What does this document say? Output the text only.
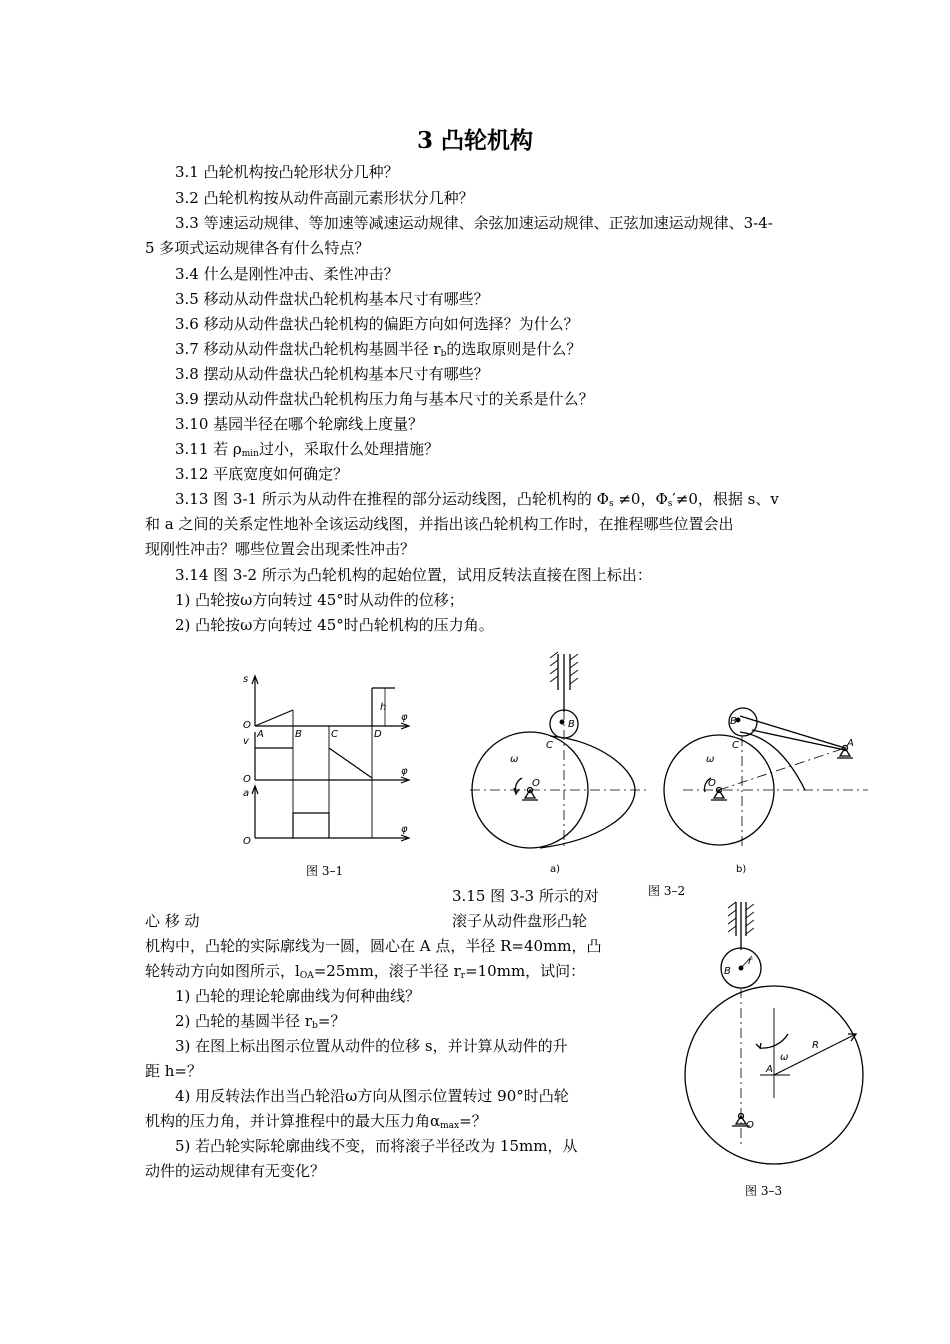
3 凸轮机构
3.1 凸轮机构按凸轮形状分几种？
3.2 凸轮机构按从动件高副元素形状分几种？
3.3 等速运动规律、等加速等减速运动规律、余弦加速运动规律、正弦加速运动规律、3-4-
5 多项式运动规律各有什么特点？
3.4 什么是刚性冲击、柔性冲击？
3.5 移动从动件盘状凸轮机构基本尺寸有哪些？
3.6 移动从动件盘状凸轮机构的偏距方向如何选择？为什么？
3.7 移动从动件盘状凸轮机构基圆半径 $r_b$的选取原则是什么？
3.8 摆动从动件盘状凸轮机构基本尺寸有哪些？
3.9 摆动从动件盘状凸轮机构压力角与基本尺寸的关系是什么？
3.10 基园半径在哪个轮廓线上度量？
3.11 若 $\rho_{min}$过小，采取什么处理措施？
3.12 平底宽度如何确定？
3.13 图 3-1 所示为从动件在推程的部分运动线图，凸轮机构的 $\Phi_s \ne 0$，$\Phi_s'\ne 0$，根据 s、v
和 a 之间的关系定性地补全该运动线图，并指出该凸轮机构工作时，在推程哪些位置会出
现刚性冲击？哪些位置会出现柔性冲击？
3.14 图 3-2 所示为凸轮机构的起始位置，试用反转法直接在图上标出：
1) 凸轮按ω方向转过 45°时从动件的位移；
2) 凸轮按ω方向转过 45°时凸轮机构的压力角。
s
O
A	B	C	D
h
φ
v
O
φ
a
O
φ
图 3–1
B
C
O
ω
a)
B
C
O
ω
A
b)
图 3–2
3.15 图 3-3 所示的对
心 移 动	滚子从动件盘形凸轮
机构中，凸轮的实际廓线为一圆，圆心在 A 点，半径 R=40mm，凸
轮转动方向如图所示，$l_{OA}=25mm$，滚子半径 $r_r=10mm$，试问：
1) 凸轮的理论轮廓曲线为何种曲线？
2) 凸轮的基圆半径 $r_b=$？
3) 在图上标出图示位置从动件的位移 s，并计算从动件的升
距 h=？
4) 用反转法作出当凸轮沿ω方向从图示位置转过 90°时凸轮
机构的压力角，并计算推程中的最大压力角$\alpha_{max}=$？
5) 若凸轮实际轮廓曲线不变，而将滚子半径改为 15mm，从
动件的运动规律有无变化？
B
r
ω
A
R
O
图 3–3
